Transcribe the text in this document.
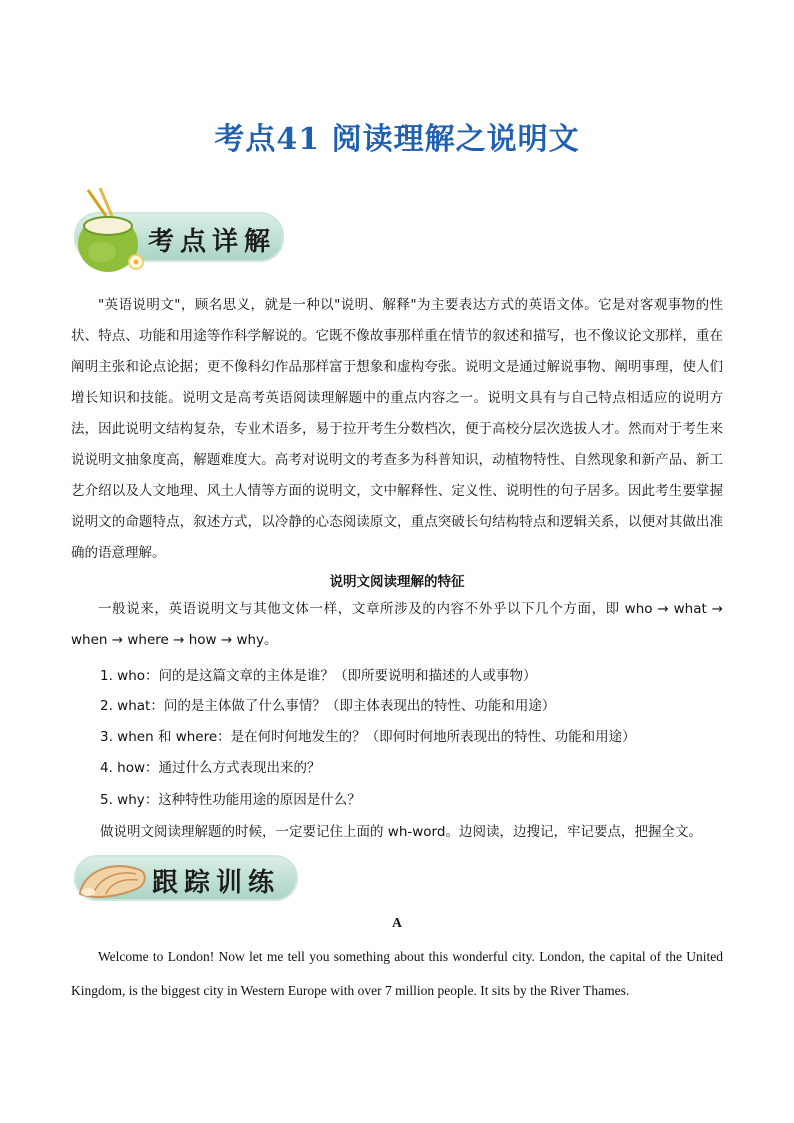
考点41 阅读理解之说明文
考点详解

"英语说明文"，顾名思义，就是一种以"说明、解释"为主要表达方式的英语文体。它是对客观事物的性状、特点、功能和用途等作科学解说的。它既不像故事那样重在情节的叙述和描写，也不像议论文那样，重在阐明主张和论点论据；更不像科幻作品那样富于想象和虚构夸张。说明文是通过解说事物、阐明事理，使人们增长知识和技能。说明文是高考英语阅读理解题中的重点内容之一。说明文具有与自己特点相适应的说明方法，因此说明文结构复杂，专业术语多，易于拉开考生分数档次，便于高校分层次选拔人才。然而对于考生来说说明文抽象度高，解题难度大。高考对说明文的考查多为科普知识，动植物特性、自然现象和新产品、新工艺介绍以及人文地理、风土人情等方面的说明文，文中解释性、定义性、说明性的句子居多。因此考生要掌握说明文的命题特点，叙述方式，以冷静的心态阅读原文，重点突破长句结构特点和逻辑关系，以便对其做出准确的语意理解。

说明文阅读理解的特征

一般说来，英语说明文与其他文体一样，文章所涉及的内容不外乎以下几个方面，即 who → what → when → where → how → why。

1. who：问的是这篇文章的主体是谁？（即所要说明和描述的人或事物）
2. what：问的是主体做了什么事情？（即主体表现出的特性、功能和用途）
3. when 和 where：是在何时何地发生的？（即何时何地所表现出的特性、功能和用途）
4. how：通过什么方式表现出来的？
5. why：这种特性功能用途的原因是什么？
做说明文阅读理解题的时候，一定要记住上面的 wh-word。边阅读，边搜记，牢记要点，把握全文。
跟踪训练
A

Welcome to London! Now let me tell you something about this wonderful city. London, the capital of the United Kingdom, is the biggest city in Western Europe with over 7 million people. It sits by the River Thames.
